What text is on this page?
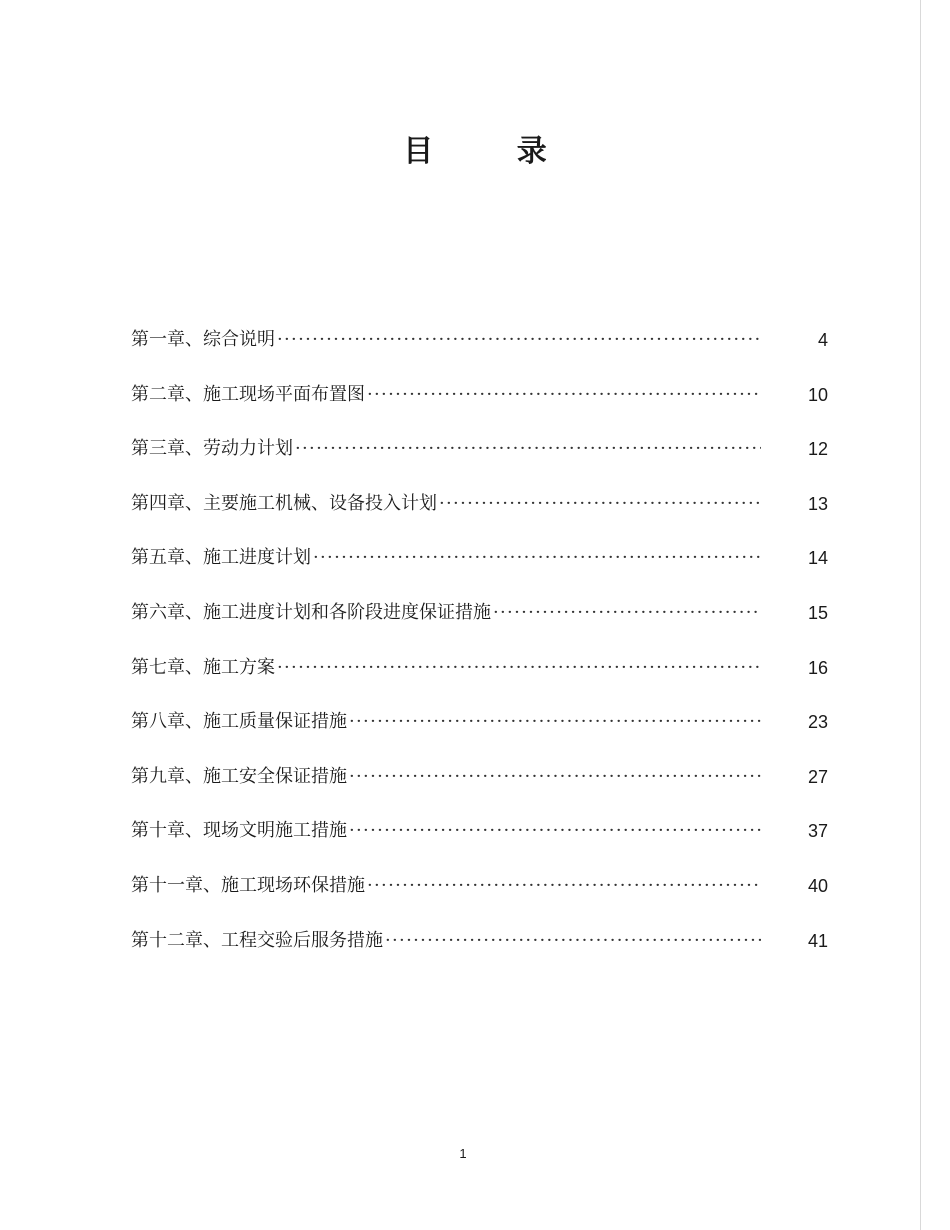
目        录
第一章、综合说明 ·····	4
第二章、施工现场平面布置图 ·····	10
第三章、劳动力计划 ·····	12
第四章、主要施工机械、设备投入计划 ·····	13
第五章、施工进度计划 ·····	14
第六章、施工进度计划和各阶段进度保证措施 ·····	15
第七章、施工方案 ·····	16
第八章、施工质量保证措施 ·····	23
第九章、施工安全保证措施 ·····	27
第十章、现场文明施工措施 ·····	37
第十一章、施工现场环保措施 ·····	40
第十二章、工程交验后服务措施 ·····	41
1
